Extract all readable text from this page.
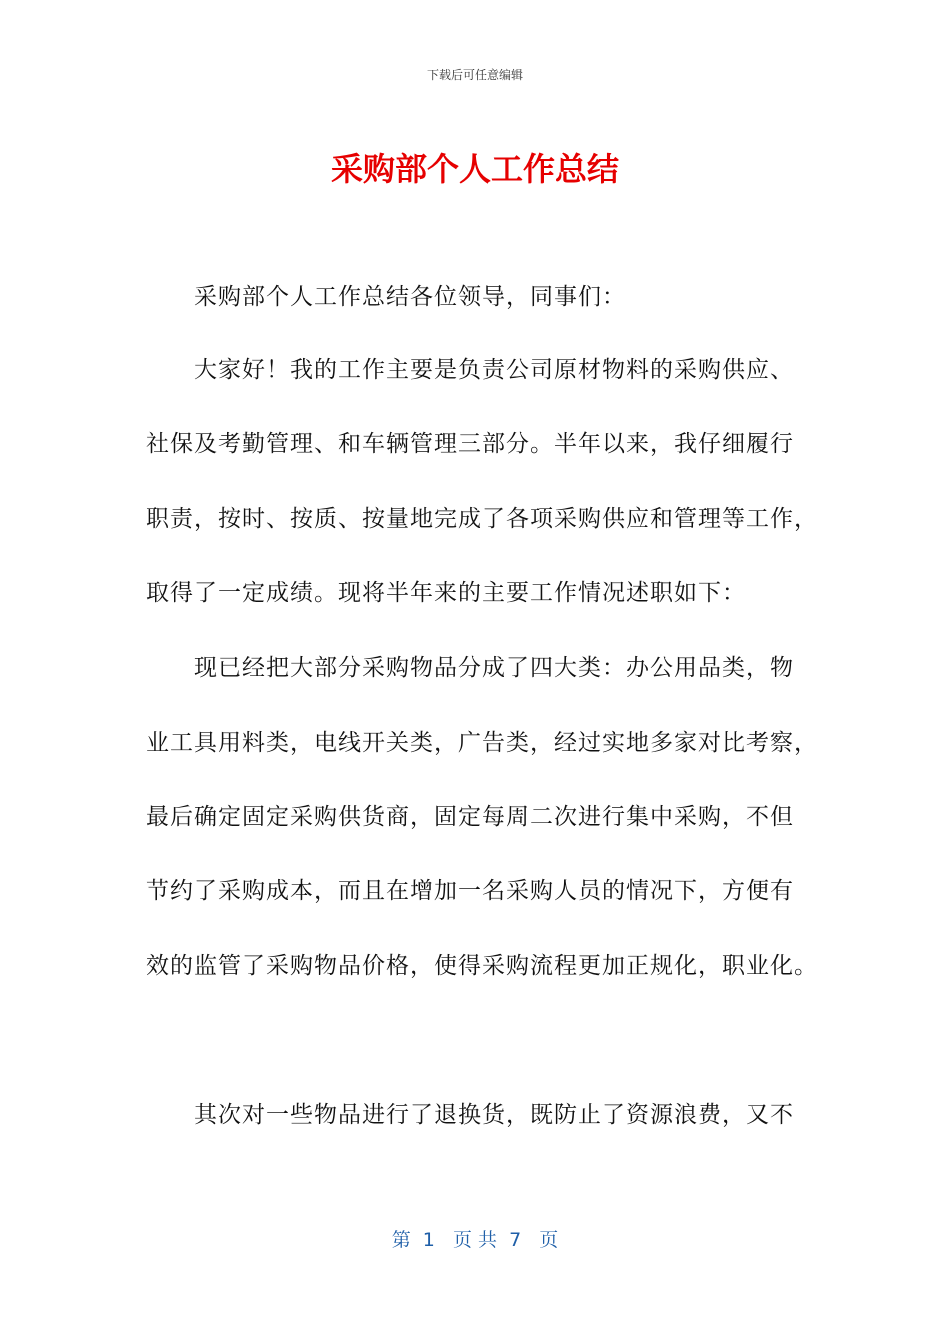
下载后可任意编辑
采购部个人工作总结
采购部个人工作总结各位领导，同事们：
大家好！我的工作主要是负责公司原材物料的采购供应、
社保及考勤管理、和车辆管理三部分。半年以来，我仔细履行
职责，按时、按质、按量地完成了各项采购供应和管理等工作，
取得了一定成绩。现将半年来的主要工作情况述职如下：
现已经把大部分采购物品分成了四大类：办公用品类，物
业工具用料类，电线开关类，广告类，经过实地多家对比考察，
最后确定固定采购供货商，固定每周二次进行集中采购，不但
节约了采购成本，而且在增加一名采购人员的情况下，方便有
效的监管了采购物品价格，使得采购流程更加正规化，职业化。
其次对一些物品进行了退换货，既防止了资源浪费，又不
第  1   页 共  7   页
